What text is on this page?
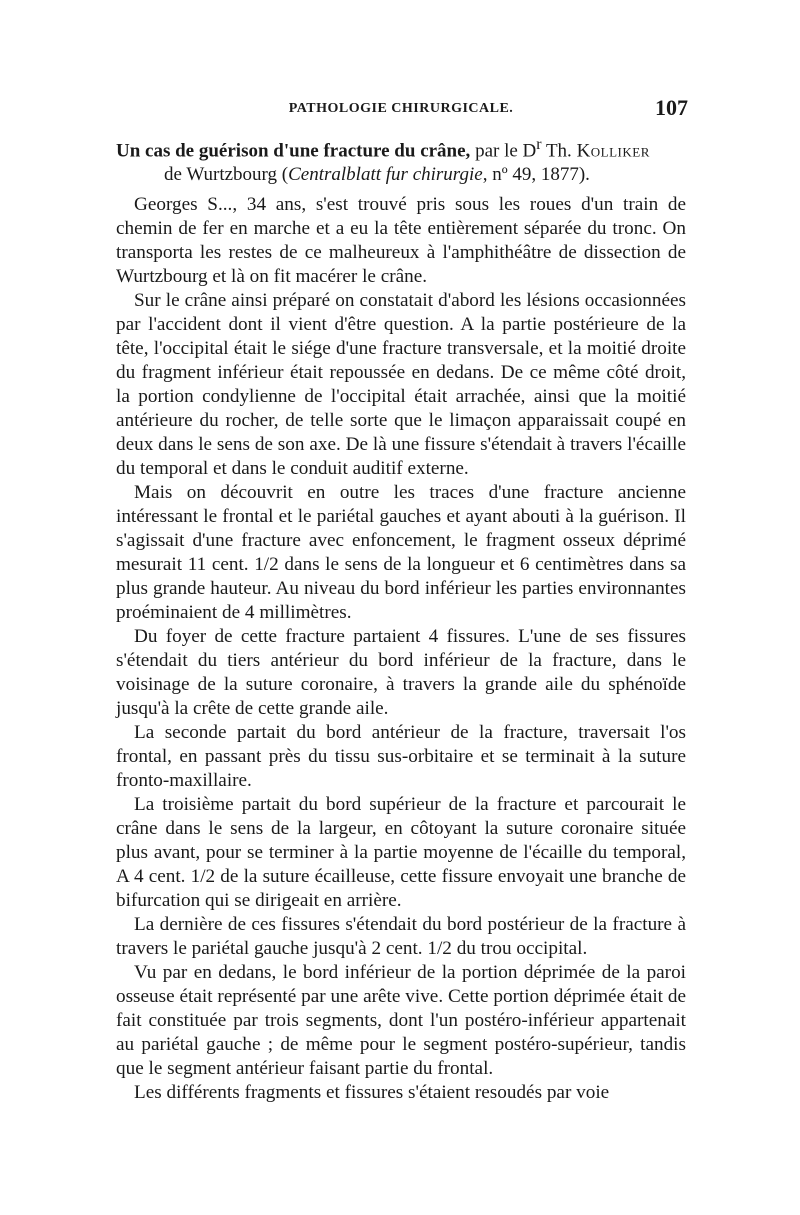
PATHOLOGIE CHIRURGICALE.	107

Un cas de guérison d'une fracture du crâne, par le $D^r$ Th. Kolliker

de Wurtzbourg (Centralblatt fur chirurgie, nº 49, 1877).

Georges S..., 34 ans, s'est trouvé pris sous les roues d'un train de chemin de fer en marche et a eu la tête entièrement séparée du tronc. On transporta les restes de ce malheureux à l'amphithéâtre de dissection de Wurtzbourg et là on fit macérer le crâne.

Sur le crâne ainsi préparé on constatait d'abord les lésions occasionnées par l'accident dont il vient d'être question. A la partie postérieure de la tête, l'occipital était le siége d'une fracture transversale, et la moitié droite du fragment inférieur était repoussée en dedans. De ce même côté droit, la portion condylienne de l'occipital était arrachée, ainsi que la moitié antérieure du rocher, de telle sorte que le limaçon apparaissait coupé en deux dans le sens de son axe. De là une fissure s'étendait à travers l'écaille du temporal et dans le conduit auditif externe.

Mais on découvrit en outre les traces d'une fracture ancienne intéressant le frontal et le pariétal gauches et ayant abouti à la guérison. Il s'agissait d'une fracture avec enfoncement, le fragment osseux déprimé mesurait 11 cent. 1/2 dans le sens de la longueur et 6 centimètres dans sa plus grande hauteur. Au niveau du bord inférieur les parties environnantes proéminaient de 4 millimètres.

Du foyer de cette fracture partaient 4 fissures. L'une de ses fissures s'étendait du tiers antérieur du bord inférieur de la fracture, dans le voisinage de la suture coronaire, à travers la grande aile du sphénoïde jusqu'à la crête de cette grande aile.

La seconde partait du bord antérieur de la fracture, traversait l'os frontal, en passant près du tissu sus-orbitaire et se terminait à la suture fronto-maxillaire.

La troisième partait du bord supérieur de la fracture et parcourait le crâne dans le sens de la largeur, en côtoyant la suture coronaire située plus avant, pour se terminer à la partie moyenne de l'écaille du temporal, A 4 cent. 1/2 de la suture écailleuse, cette fissure envoyait une branche de bifurcation qui se dirigeait en arrière.

La dernière de ces fissures s'étendait du bord postérieur de la fracture à travers le pariétal gauche jusqu'à 2 cent. 1/2 du trou occipital.

Vu par en dedans, le bord inférieur de la portion déprimée de la paroi osseuse était représenté par une arête vive. Cette portion déprimée était de fait constituée par trois segments, dont l'un postéro-inférieur appartenait au pariétal gauche ; de même pour le segment postéro-supérieur, tandis que le segment antérieur faisant partie du frontal.

Les différents fragments et fissures s'étaient resoudés par voie
